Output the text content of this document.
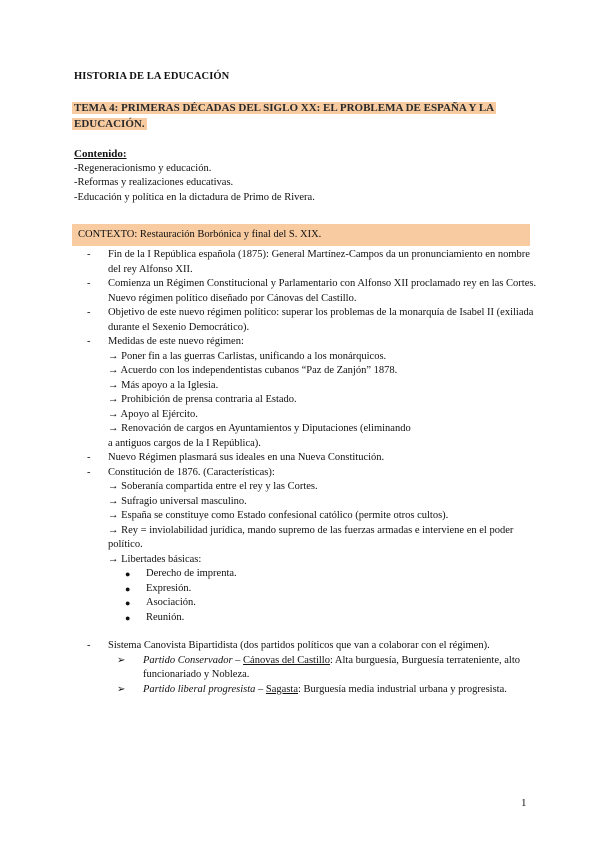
HISTORIA DE LA EDUCACIÓN
TEMA 4: PRIMERAS DÉCADAS DEL SIGLO XX: EL PROBLEMA DE ESPAÑA Y LA EDUCACIÓN.
Contenido:
-Regeneracionismo y educación.
-Reformas y realizaciones educativas.
-Educación y política en la dictadura de Primo de Rivera.
CONTEXTO: Restauración Borbónica y final del S. XIX.
- Fin de la I República española (1875): General Martínez-Campos da un pronunciamiento en nombre del rey Alfonso XII.
- Comienza un Régimen Constitucional y Parlamentario con Alfonso XII proclamado rey en las Cortes. Nuevo régimen político diseñado por Cánovas del Castillo.
- Objetivo de este nuevo régimen político: superar los problemas de la monarquía de Isabel II (exiliada durante el Sexenio Democrático).
- Medidas de este nuevo régimen:
→ Poner fin a las guerras Carlistas, unificando a los monárquicos.
→ Acuerdo con los independentistas cubanos “Paz de Zanjón” 1878.
→ Más apoyo a la Iglesia.
→ Prohibición de prensa contraria al Estado.
→ Apoyo al Ejército.
→ Renovación de cargos en Ayuntamientos y Diputaciones (eliminando
a antiguos cargos de la I República).
- Nuevo Régimen plasmará sus ideales en una Nueva Constitución.
- Constitución de 1876. (Características):
→ Soberanía compartida entre el rey y las Cortes.
→ Sufragio universal masculino.
→ España se constituye como Estado confesional católico (permite otros cultos).
→ Rey = inviolabilidad jurídica, mando supremo de las fuerzas armadas e interviene en el poder político.
→ Libertades básicas:
● Derecho de imprenta.
● Expresión.
● Asociación.
● Reunión.
- Sistema Canovista Bipartidista (dos partidos políticos que van a colaborar con el régimen).
➢ Partido Conservador – Cánovas del Castillo: Alta burguesía, Burguesía terrateniente, alto funcionariado y Nobleza.
➢ Partido liberal progresista – Sagasta: Burguesía media industrial urbana y progresista.
1
